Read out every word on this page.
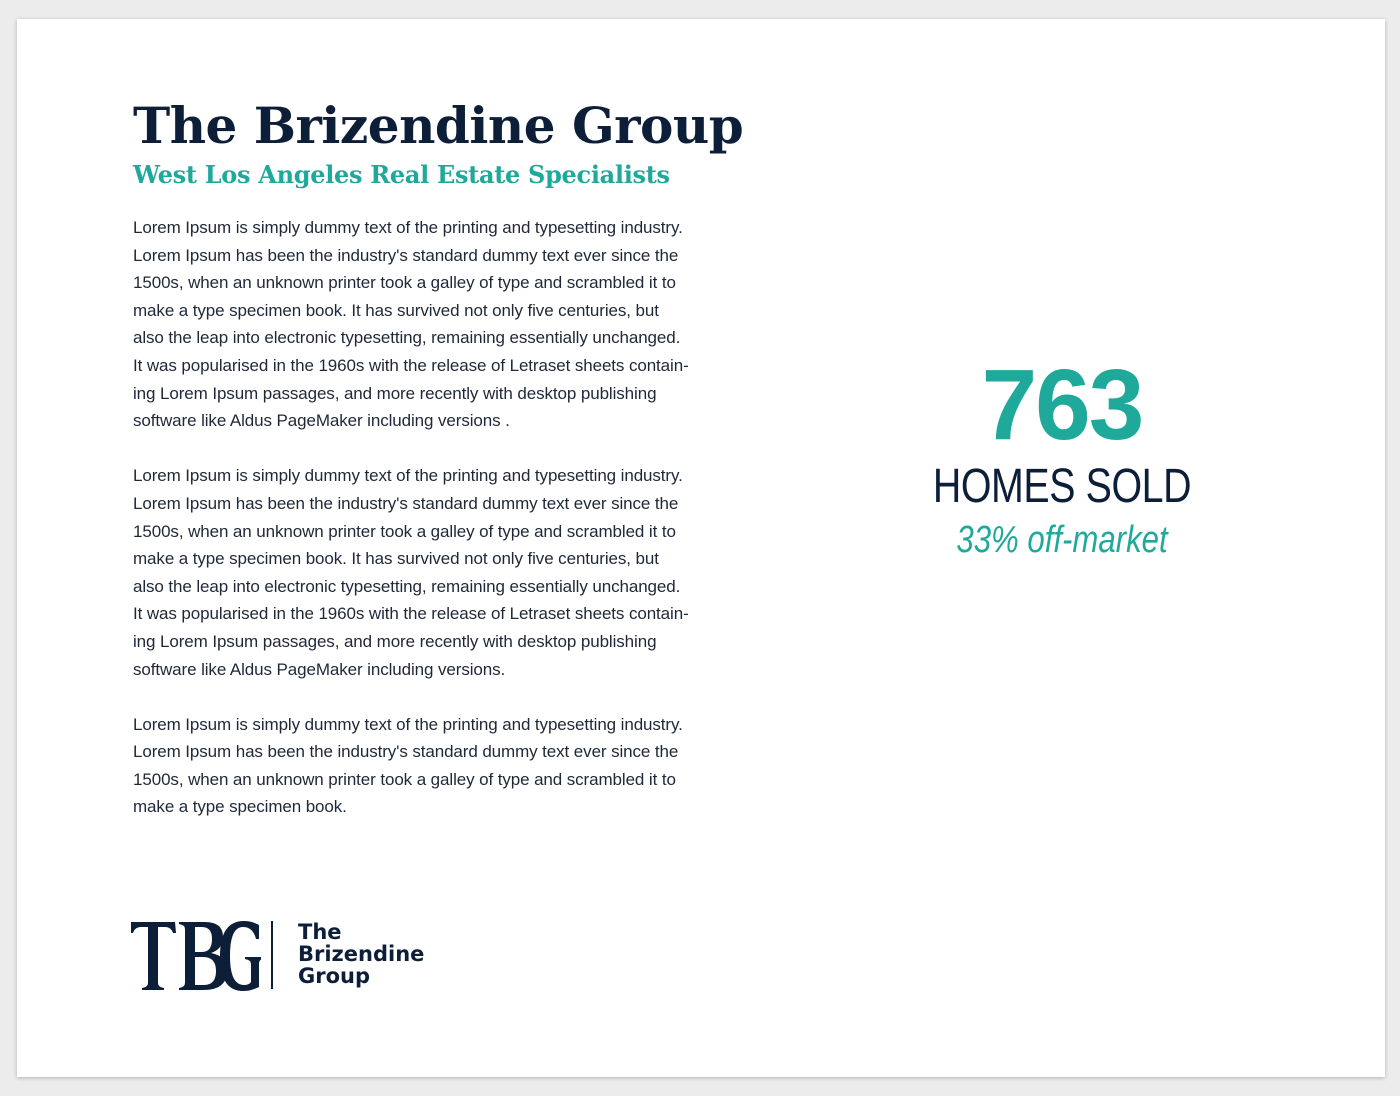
The Brizendine Group
West Los Angeles Real Estate Specialists

Lorem Ipsum is simply dummy text of the printing and typesetting industry.
Lorem Ipsum has been the industry's standard dummy text ever since the
1500s, when an unknown printer took a galley of type and scrambled it to
make a type specimen book. It has survived not only five centuries, but
also the leap into electronic typesetting, remaining essentially unchanged.
It was popularised in the 1960s with the release of Letraset sheets contain-
ing Lorem Ipsum passages, and more recently with desktop publishing
software like Aldus PageMaker including versions .

Lorem Ipsum is simply dummy text of the printing and typesetting industry.
Lorem Ipsum has been the industry's standard dummy text ever since the
1500s, when an unknown printer took a galley of type and scrambled it to
make a type specimen book. It has survived not only five centuries, but
also the leap into electronic typesetting, remaining essentially unchanged.
It was popularised in the 1960s with the release of Letraset sheets contain-
ing Lorem Ipsum passages, and more recently with desktop publishing
software like Aldus PageMaker including versions.

Lorem Ipsum is simply dummy text of the printing and typesetting industry.
Lorem Ipsum has been the industry's standard dummy text ever since the
1500s, when an unknown printer took a galley of type and scrambled it to
make a type specimen book.

763
HOMES SOLD
33% off-market
The
Brizendine
Group
